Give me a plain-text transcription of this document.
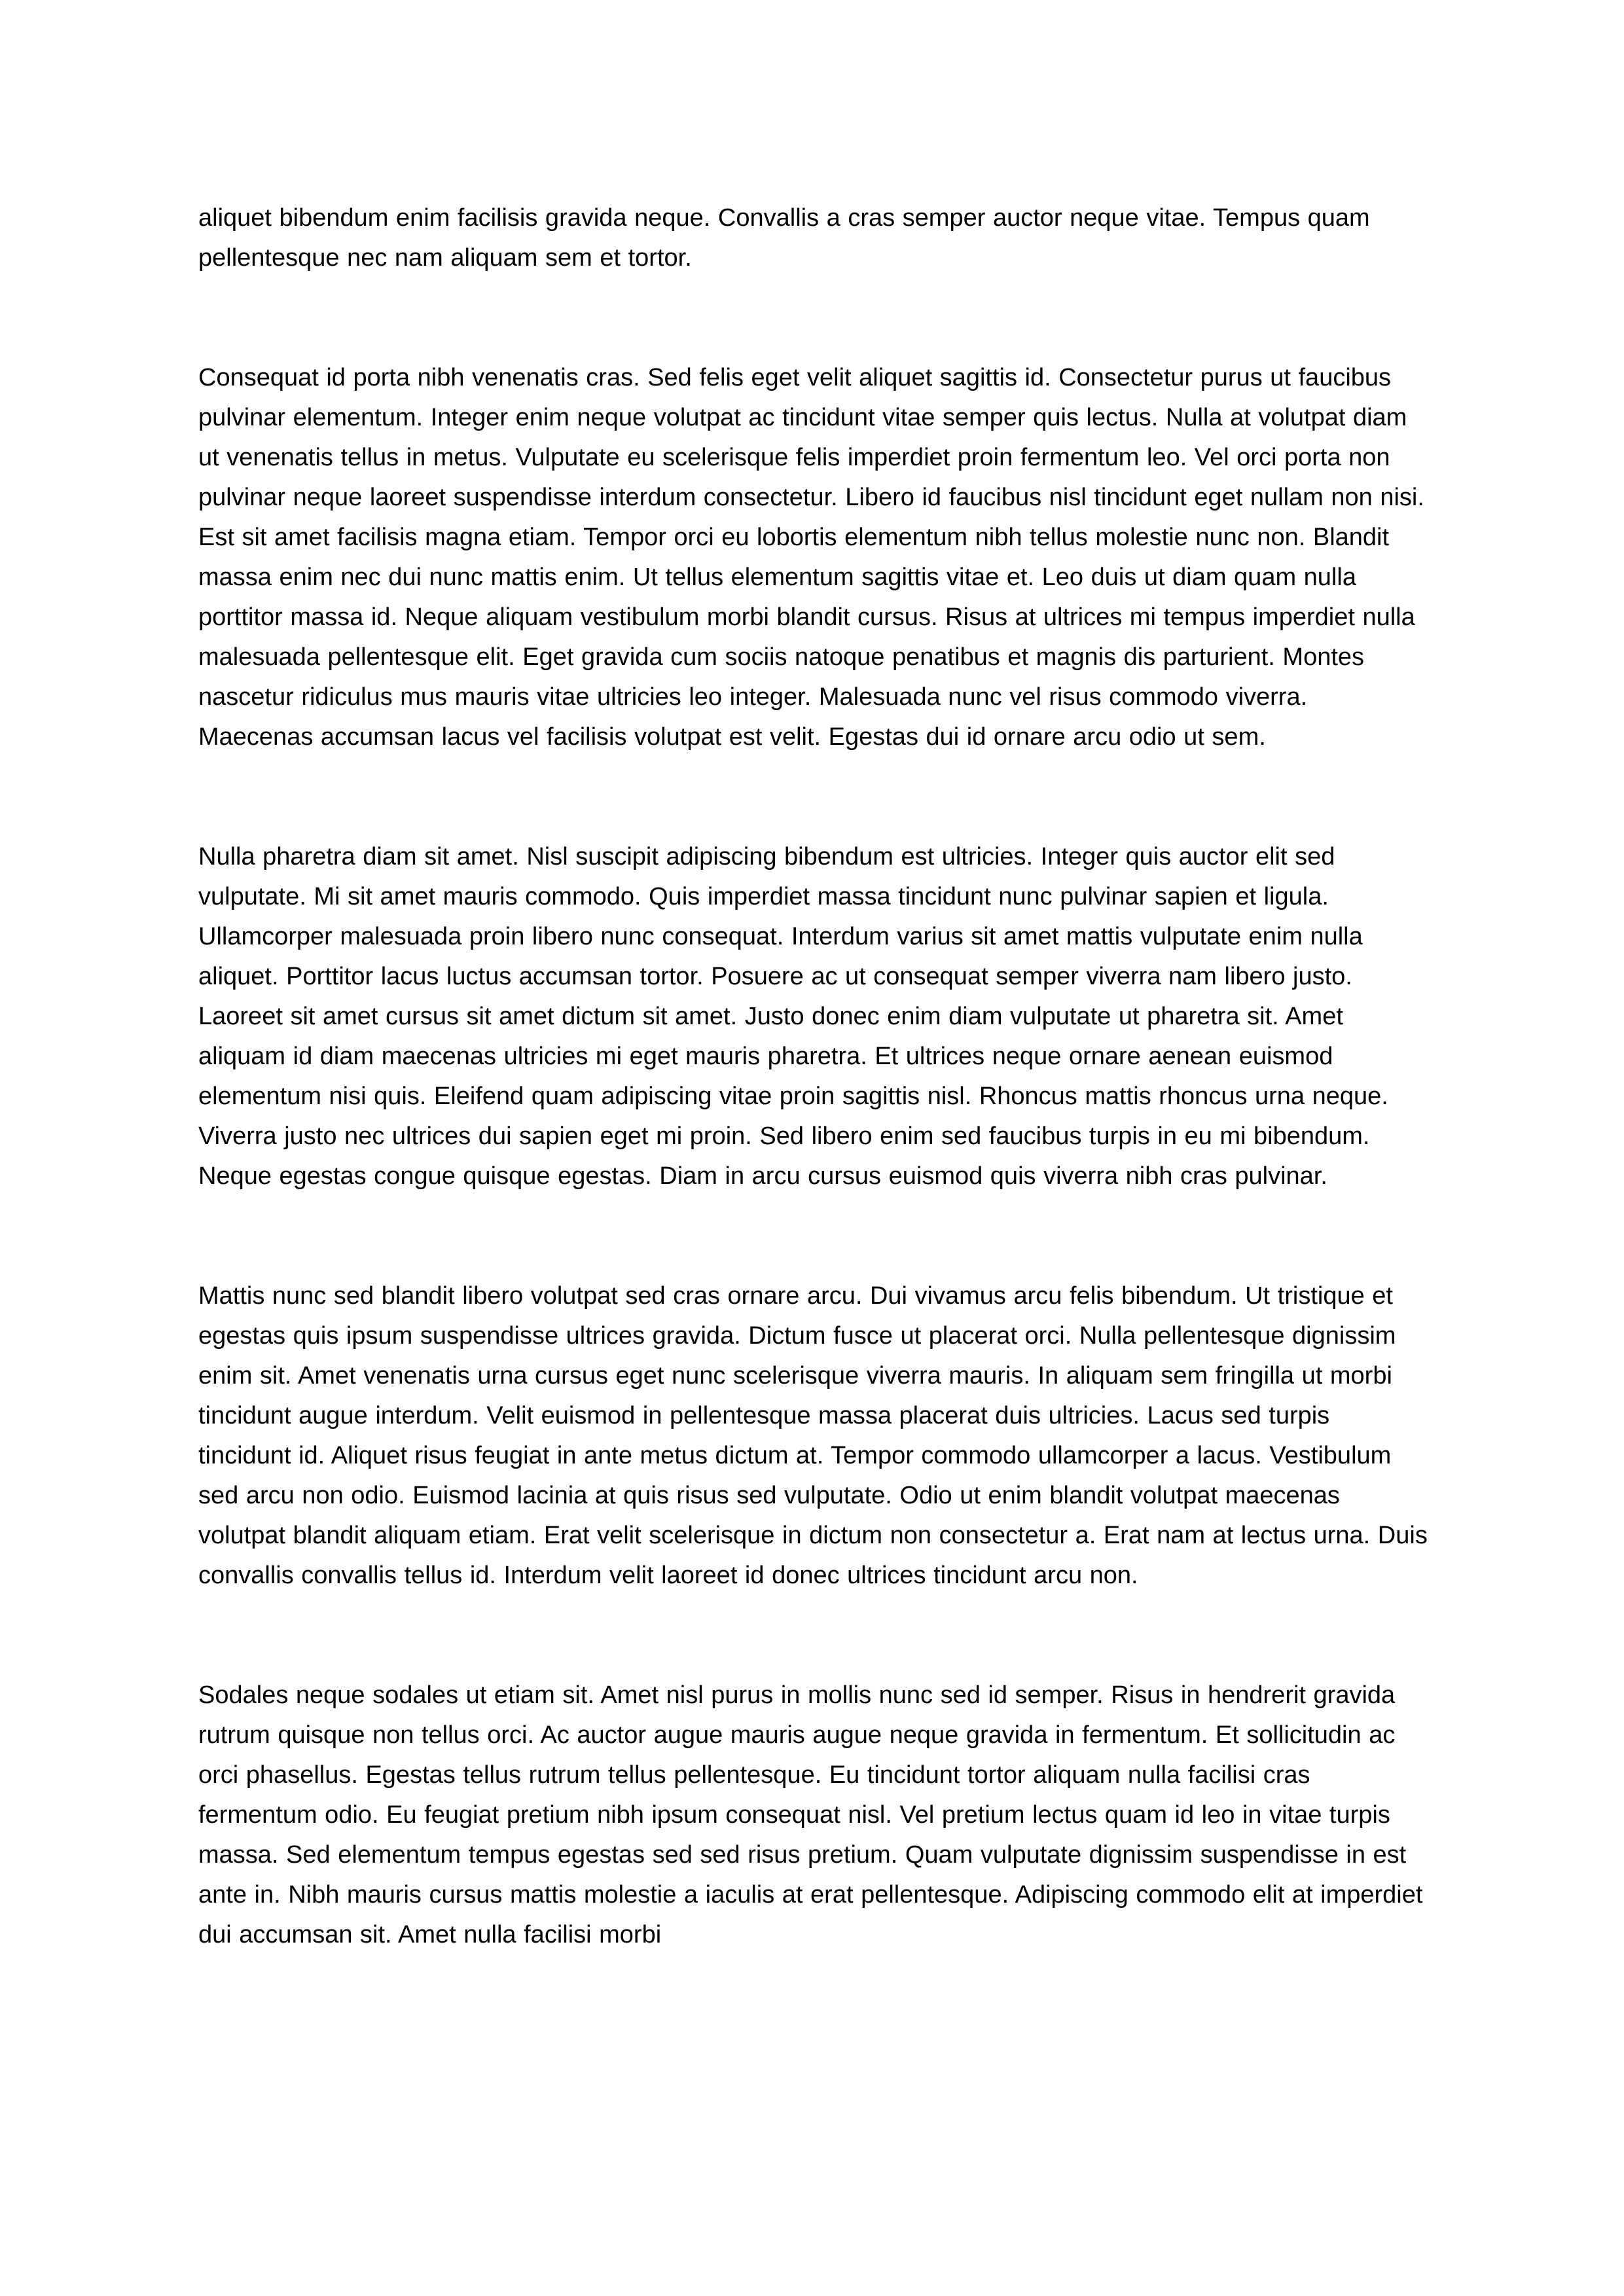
aliquet bibendum enim facilisis gravida neque. Convallis a cras semper auctor neque vitae. Tempus quam pellentesque nec nam aliquam sem et tortor.

Consequat id porta nibh venenatis cras. Sed felis eget velit aliquet sagittis id. Consectetur purus ut faucibus pulvinar elementum. Integer enim neque volutpat ac tincidunt vitae semper quis lectus. Nulla at volutpat diam ut venenatis tellus in metus. Vulputate eu scelerisque felis imperdiet proin fermentum leo. Vel orci porta non pulvinar neque laoreet suspendisse interdum consectetur. Libero id faucibus nisl tincidunt eget nullam non nisi. Est sit amet facilisis magna etiam. Tempor orci eu lobortis elementum nibh tellus molestie nunc non. Blandit massa enim nec dui nunc mattis enim. Ut tellus elementum sagittis vitae et. Leo duis ut diam quam nulla porttitor massa id. Neque aliquam vestibulum morbi blandit cursus. Risus at ultrices mi tempus imperdiet nulla malesuada pellentesque elit. Eget gravida cum sociis natoque penatibus et magnis dis parturient. Montes nascetur ridiculus mus mauris vitae ultricies leo integer. Malesuada nunc vel risus commodo viverra. Maecenas accumsan lacus vel facilisis volutpat est velit. Egestas dui id ornare arcu odio ut sem.

Nulla pharetra diam sit amet. Nisl suscipit adipiscing bibendum est ultricies. Integer quis auctor elit sed vulputate. Mi sit amet mauris commodo. Quis imperdiet massa tincidunt nunc pulvinar sapien et ligula. Ullamcorper malesuada proin libero nunc consequat. Interdum varius sit amet mattis vulputate enim nulla aliquet. Porttitor lacus luctus accumsan tortor. Posuere ac ut consequat semper viverra nam libero justo. Laoreet sit amet cursus sit amet dictum sit amet. Justo donec enim diam vulputate ut pharetra sit. Amet aliquam id diam maecenas ultricies mi eget mauris pharetra. Et ultrices neque ornare aenean euismod elementum nisi quis. Eleifend quam adipiscing vitae proin sagittis nisl. Rhoncus mattis rhoncus urna neque. Viverra justo nec ultrices dui sapien eget mi proin. Sed libero enim sed faucibus turpis in eu mi bibendum. Neque egestas congue quisque egestas. Diam in arcu cursus euismod quis viverra nibh cras pulvinar.

Mattis nunc sed blandit libero volutpat sed cras ornare arcu. Dui vivamus arcu felis bibendum. Ut tristique et egestas quis ipsum suspendisse ultrices gravida. Dictum fusce ut placerat orci. Nulla pellentesque dignissim enim sit. Amet venenatis urna cursus eget nunc scelerisque viverra mauris. In aliquam sem fringilla ut morbi tincidunt augue interdum. Velit euismod in pellentesque massa placerat duis ultricies. Lacus sed turpis tincidunt id. Aliquet risus feugiat in ante metus dictum at. Tempor commodo ullamcorper a lacus. Vestibulum sed arcu non odio. Euismod lacinia at quis risus sed vulputate. Odio ut enim blandit volutpat maecenas volutpat blandit aliquam etiam. Erat velit scelerisque in dictum non consectetur a. Erat nam at lectus urna. Duis convallis convallis tellus id. Interdum velit laoreet id donec ultrices tincidunt arcu non.

Sodales neque sodales ut etiam sit. Amet nisl purus in mollis nunc sed id semper. Risus in hendrerit gravida rutrum quisque non tellus orci. Ac auctor augue mauris augue neque gravida in fermentum. Et sollicitudin ac orci phasellus. Egestas tellus rutrum tellus pellentesque. Eu tincidunt tortor aliquam nulla facilisi cras fermentum odio. Eu feugiat pretium nibh ipsum consequat nisl. Vel pretium lectus quam id leo in vitae turpis massa. Sed elementum tempus egestas sed sed risus pretium. Quam vulputate dignissim suspendisse in est ante in. Nibh mauris cursus mattis molestie a iaculis at erat pellentesque. Adipiscing commodo elit at imperdiet dui accumsan sit. Amet nulla facilisi morbi
